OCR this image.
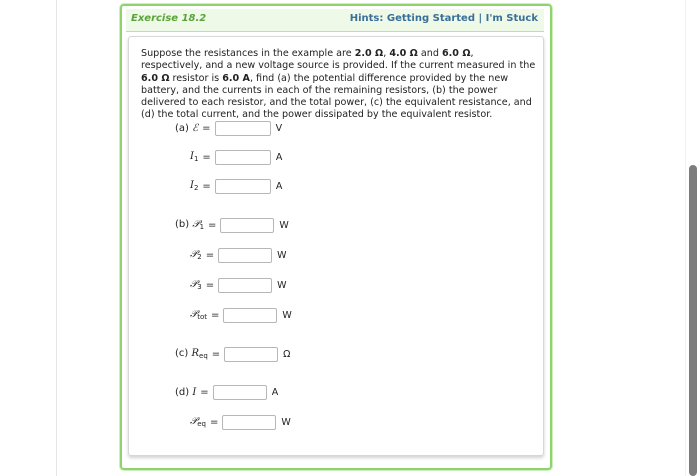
Exercise 18.2	Hints: Getting Started | I'm Stuck
Suppose the resistances in the example are 2.0 Ω, 4.0 Ω and 6.0 Ω, respectively, and a new voltage source is provided. If the current measured in the 6.0 Ω resistor is 6.0 A, find (a) the potential difference provided by the new battery, and the currents in each of the remaining resistors, (b) the power delivered to each resistor, and the total power, (c) the equivalent resistance, and (d) the total current, and the power dissipated by the equivalent resistor.
(a) ℰ =	V
$I_1$ =	A
$I_2$ =	A
(b) 𝒫$_1$ =	W
𝒫$_2$ =	W
𝒫$_3$ =	W
𝒫$_{tot}$ =	W
(c) $R_{eq}$ =	Ω
(d) I =	A
𝒫$_{eq}$ =	W
